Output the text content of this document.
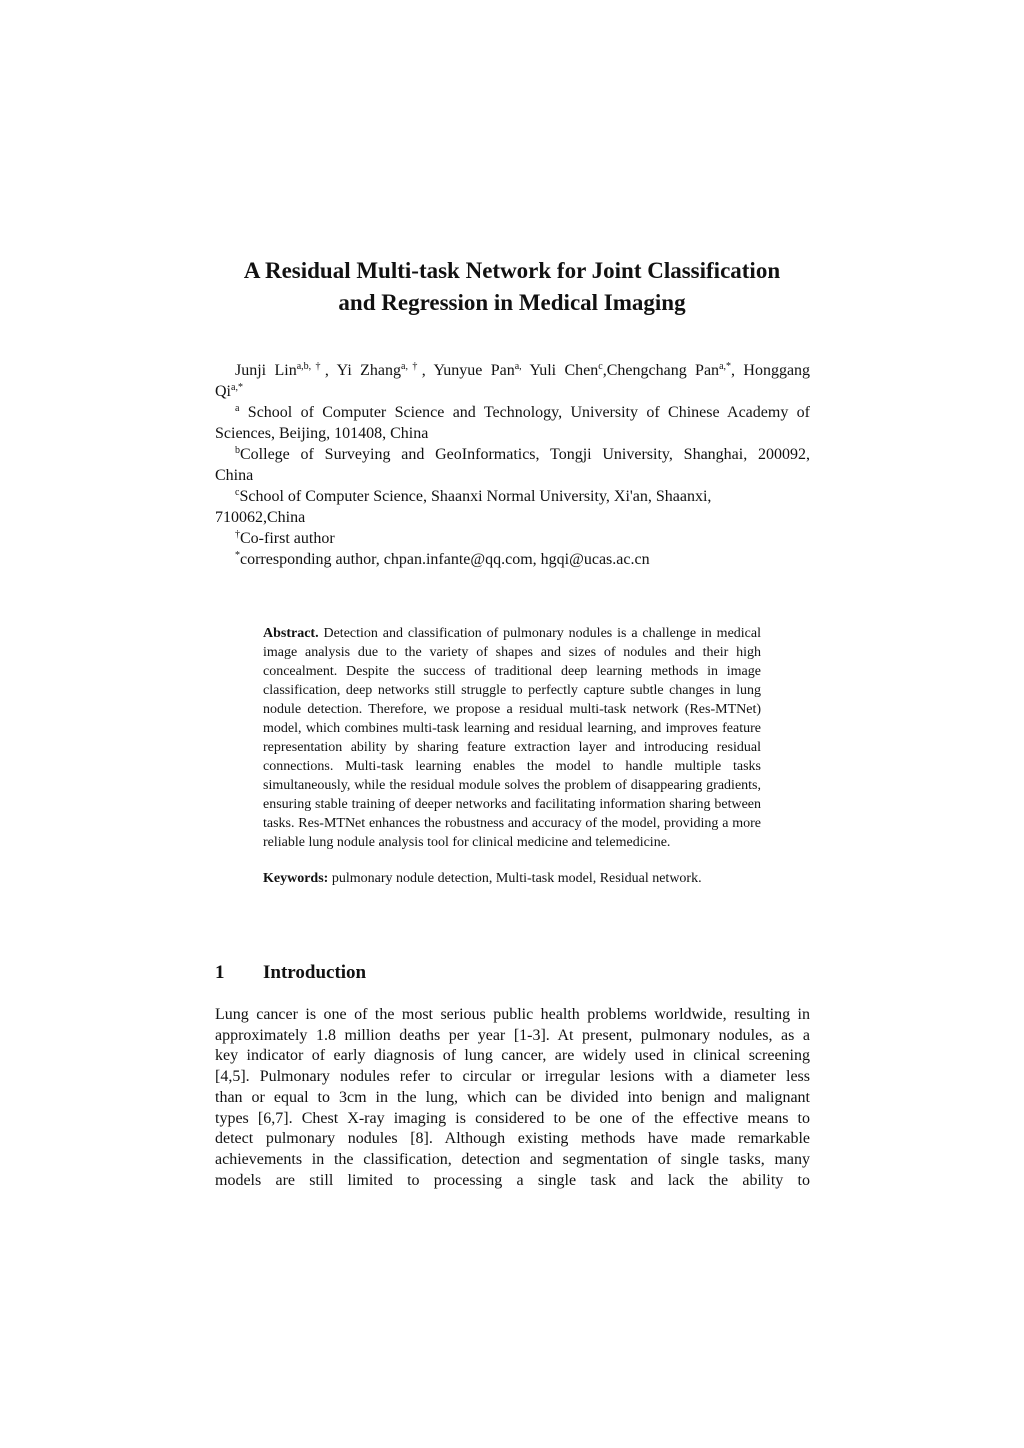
A Residual Multi-task Network for Joint Classification
and Regression in Medical Imaging

Junji Lin$^{a,b,\dagger}$, Yi Zhang$^{a,\dagger}$, Yunyue Pan$^{a,}$ Yuli Chen$^c$,Chengchang Pan$^{a,*}$, Honggang

$Qi^{a,*}$

$^a$ School of Computer Science and Technology, University of Chinese Academy of

Sciences, Beijing, 101408, China

$^b$College of Surveying and GeoInformatics, Tongji University, Shanghai, 200092,

China

$^c$School of Computer Science, Shaanxi Normal University, Xi'an, Shaanxi,

710062,China

†Co-first author

*corresponding author, chpan.infante@qq.com, hgqi@ucas.ac.cn

Abstract. Detection and classification of pulmonary nodules is a challenge in medical image analysis due to the variety of shapes and sizes of nodules and their high concealment. Despite the success of traditional deep learning methods in image classification, deep networks still struggle to perfectly capture subtle changes in lung nodule detection. Therefore, we propose a residual multi-task network (Res-MTNet) model, which combines multi-task learning and residual learning, and improves feature representation ability by sharing feature extraction layer and introducing residual connections. Multi-task learning enables the model to handle multiple tasks simultaneously, while the residual module solves the problem of disappearing gradients, ensuring stable training of deeper networks and facilitating information sharing between tasks. Res-MTNet enhances the robustness and accuracy of the model, providing a more reliable lung nodule analysis tool for clinical medicine and telemedicine.

Keywords: pulmonary nodule detection, Multi-task model, Residual network.

1 Introduction
Lung cancer is one of the most serious public health problems worldwide, resulting in
approximately 1.8 million deaths per year [1-3]. At present, pulmonary nodules, as a
key indicator of early diagnosis of lung cancer, are widely used in clinical screening
[4,5]. Pulmonary nodules refer to circular or irregular lesions with a diameter less
than or equal to 3cm in the lung, which can be divided into benign and malignant
types [6,7]. Chest X-ray imaging is considered to be one of the effective means to
detect pulmonary nodules [8]. Although existing methods have made remarkable
achievements in the classification, detection and segmentation of single tasks, many
models are still limited to processing a single task and lack the ability to
